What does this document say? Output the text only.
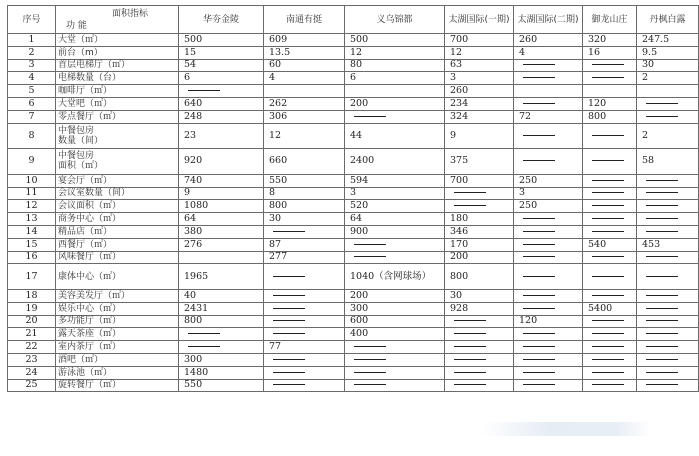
序号	面积指标
功 能	华夯金陵	南通有挺	义乌锦都	太湖国际(一期)	太湖国际(二期)	御龙山庄	丹枫白露
1	大堂（㎡）	500	609	500	700	260	320	247.5
2	前台（m）	15	13.5	12	12	4	16	9.5
3	首层电梯厅（㎡）	54	60	80	63			30
4	电梯数量（台）	6	4	6	3			2
5	咖啡厅（㎡）				260			
6	大堂吧（㎡）	640	262	200	234		120	
7	零点餐厅（㎡）	248	306		324	72	800	
8	中餐包房
数量（间）	23	12	44	9			2
9	中餐包房
面积（㎡）	920	660	2400	375			58
10	宴会厅（㎡）	740	550	594	700	250		
11	会议室数量（间）	9	8	3		3		
12	会议面积（㎡）	1080	800	520		250		
13	商务中心（㎡）	64	30	64	180			
14	精品店（㎡）	380		900	346			
15	西餐厅（㎡）	276	87		170		540	453
16	风味餐厅（㎡）		277		200			
17	康体中心（㎡）	1965		1040（含网球场）	800			
18	美容美发厅（㎡）	40		200	30			
19	娱乐中心（㎡）	2431		300	928		5400	
20	多功能厅（㎡）	800		600		120		
21	露天茶座（㎡）			400				
22	室内茶厅（㎡）		77					
23	酒吧（㎡）	300						
24	游泳池（㎡）	1480						
25	旋转餐厅（㎡）	550						
